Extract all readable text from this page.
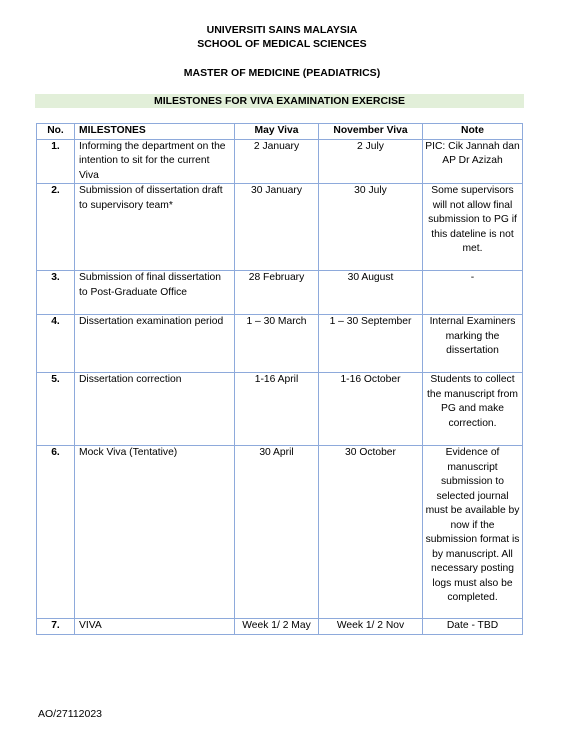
UNIVERSITI SAINS MALAYSIA
SCHOOL OF MEDICAL SCIENCES
MASTER OF MEDICINE (PEADIATRICS)
MILESTONES FOR VIVA EXAMINATION EXERCISE
No.	MILESTONES	May Viva	November Viva	Note
1.	Informing the department on the intention to sit for the current Viva	2 January	2 July	PIC: Cik Jannah dan AP Dr Azizah
2.	Submission of dissertation draft to supervisory team*	30 January	30 July	Some supervisors will not allow final submission to PG if this dateline is not met.
3.	Submission of final dissertation to Post-Graduate Office	28 February	30 August	-
4.	Dissertation examination period	1 – 30 March	1 – 30 September	Internal Examiners marking the dissertation
5.	Dissertation correction	1-16 April	1-16 October	Students to collect the manuscript from PG and make correction.
6.	Mock Viva (Tentative)	30 April	30 October	Evidence of manuscript submission to selected journal must be available by now if the submission format is by manuscript. All necessary posting logs must also be completed.
7.	VIVA	Week 1/ 2 May	Week 1/ 2 Nov	Date - TBD
AO/27112023
